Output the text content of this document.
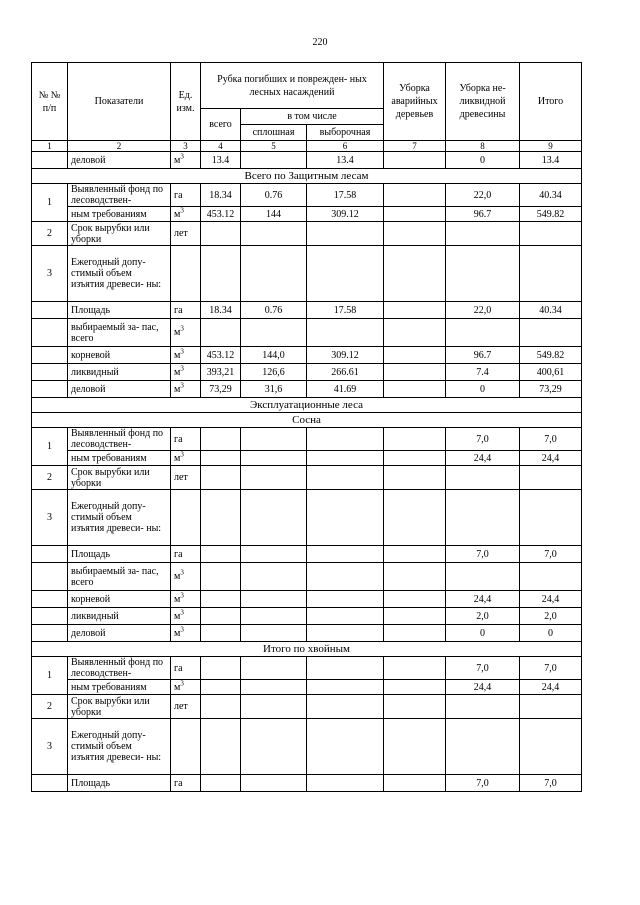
220
№ № п/п	Показатели	Ед. изм.	Рубка погибших и поврежден- ных лесных насаждений			Уборка аварийных деревьев	Уборка не- ликвидной древесины	Итого
			всего	в том числе				
				сплошная	выборочная			
1	2	3	4	5	6	7	8	9
	деловой	$м^3$	13.4		13.4		0	13.4
Всего по Защитным лесам								
1	Выявленный фонд по лесоводствен-	га	18.34	0.76	17.58		22,0	40.34
	ным требованиям	$м^3$	453.12	144	309.12		96.7	549.82
2	Срок вырубки или уборки	лет						
3	Ежегодный допу- стимый объем изъятия древеси- ны:							
	Площадь	га	18.34	0.76	17.58		22,0	40.34
	выбираемый за- пас, всего	$м^3$						
	корневой	$м^3$	453.12	144,0	309.12		96.7	549.82
	ликвидный	$м^3$	393,21	126,6	266.61		7.4	400,61
	деловой	$м^3$	73,29	31,6	41.69		0	73,29
Эксплуатационные леса								
Сосна								
1	Выявленный фонд по лесоводствен-	га					7,0	7,0
	ным требованиям	$м^3$					24,4	24,4
2	Срок вырубки или уборки	лет						
3	Ежегодный допу- стимый объем изъятия древеси- ны:							
	Площадь	га					7,0	7,0
	выбираемый за- пас, всего	$м^3$						
	корневой	$м^3$					24,4	24,4
	ликвидный	$м^3$					2,0	2,0
	деловой	$м^3$					0	0
Итого по хвойным								
1	Выявленный фонд по лесоводствен-	га					7,0	7,0
	ным требованиям	$м^3$					24,4	24,4
2	Срок вырубки или уборки	лет						
3	Ежегодный допу- стимый объем изъятия древеси- ны:							
	Площадь	га					7,0	7,0
